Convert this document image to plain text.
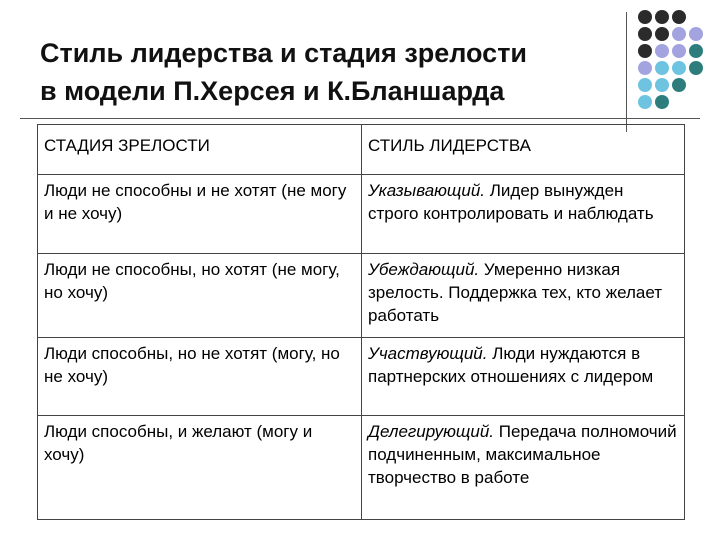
Стиль лидерства и стадия зрелости
в модели П.Херсея и К.Бланшарда
СТАДИЯ ЗРЕЛОСТИ	СТИЛЬ ЛИДЕРСТВА
Люди не способны и не хотят (не могу и не хочу)	Указывающий. Лидер вынужден строго контролировать и наблюдать
Люди не способны, но хотят (не могу, но хочу)	Убеждающий. Умеренно низкая зрелость. Поддержка тех, кто желает работать
Люди способны, но не хотят (могу, но не хочу)	Участвующий. Люди нуждаются в партнерских отношениях с лидером
Люди способны, и желают (могу и хочу)	Делегирующий. Передача полномочий подчиненным, максимальное творчество в работе
